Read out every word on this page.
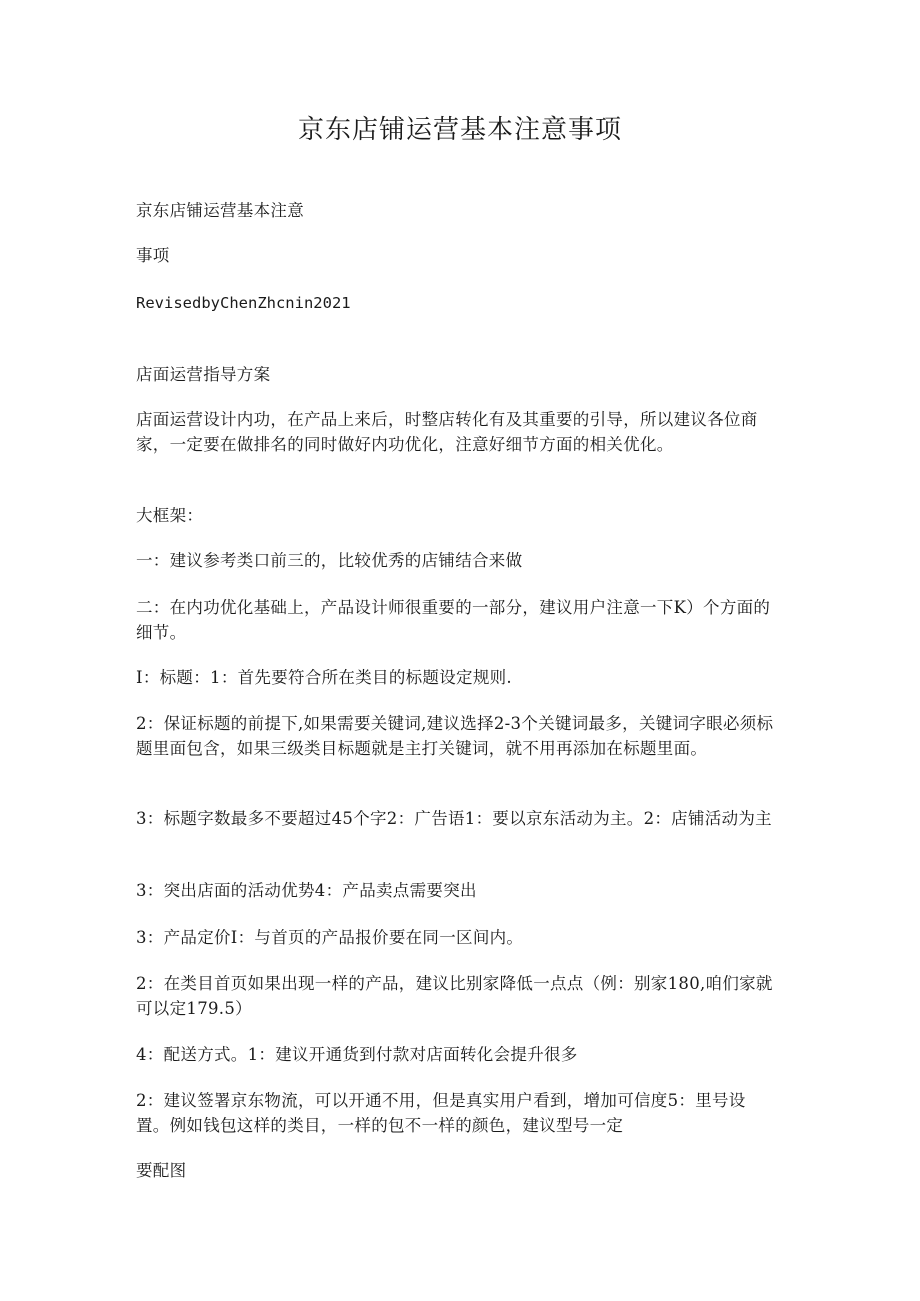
京东店铺运营基本注意事项

京东店铺运营基本注意

事项

RevisedbyChenZhcnin2021

店面运营指导方案

店面运营设计内功，在产品上来后，时整店转化有及其重要的引导，所以建议各位商家，一定要在做排名的同时做好内功优化，注意好细节方面的相关优化。

大框架：

一：建议参考类口前三的，比较优秀的店铺结合来做

二：在内功优化基础上，产品设计师很重要的一部分，建议用户注意一下K）个方面的细节。

I：标题：1：首先要符合所在类目的标题设定规则.

2：保证标题的前提下,如果需要关键词,建议选择2-3个关键词最多，关键词字眼必须标题里面包含，如果三级类目标题就是主打关键词，就不用再添加在标题里面。

3：标题字数最多不要超过45个字2：广告语1：要以京东活动为主。2：店铺活动为主

3：突出店面的活动优势4：产品卖点需要突出

3：产品定价I：与首页的产品报价要在同一区间内。

2：在类目首页如果出现一样的产品，建议比别家降低一点点（例：别家180,咱们家就可以定179.5）

4：配送方式。1：建议开通货到付款对店面转化会提升很多

2：建议签署京东物流，可以开通不用，但是真实用户看到，增加可信度5：里号设置。例如钱包这样的类目，一样的包不一样的颜色，建议型号一定

要配图
